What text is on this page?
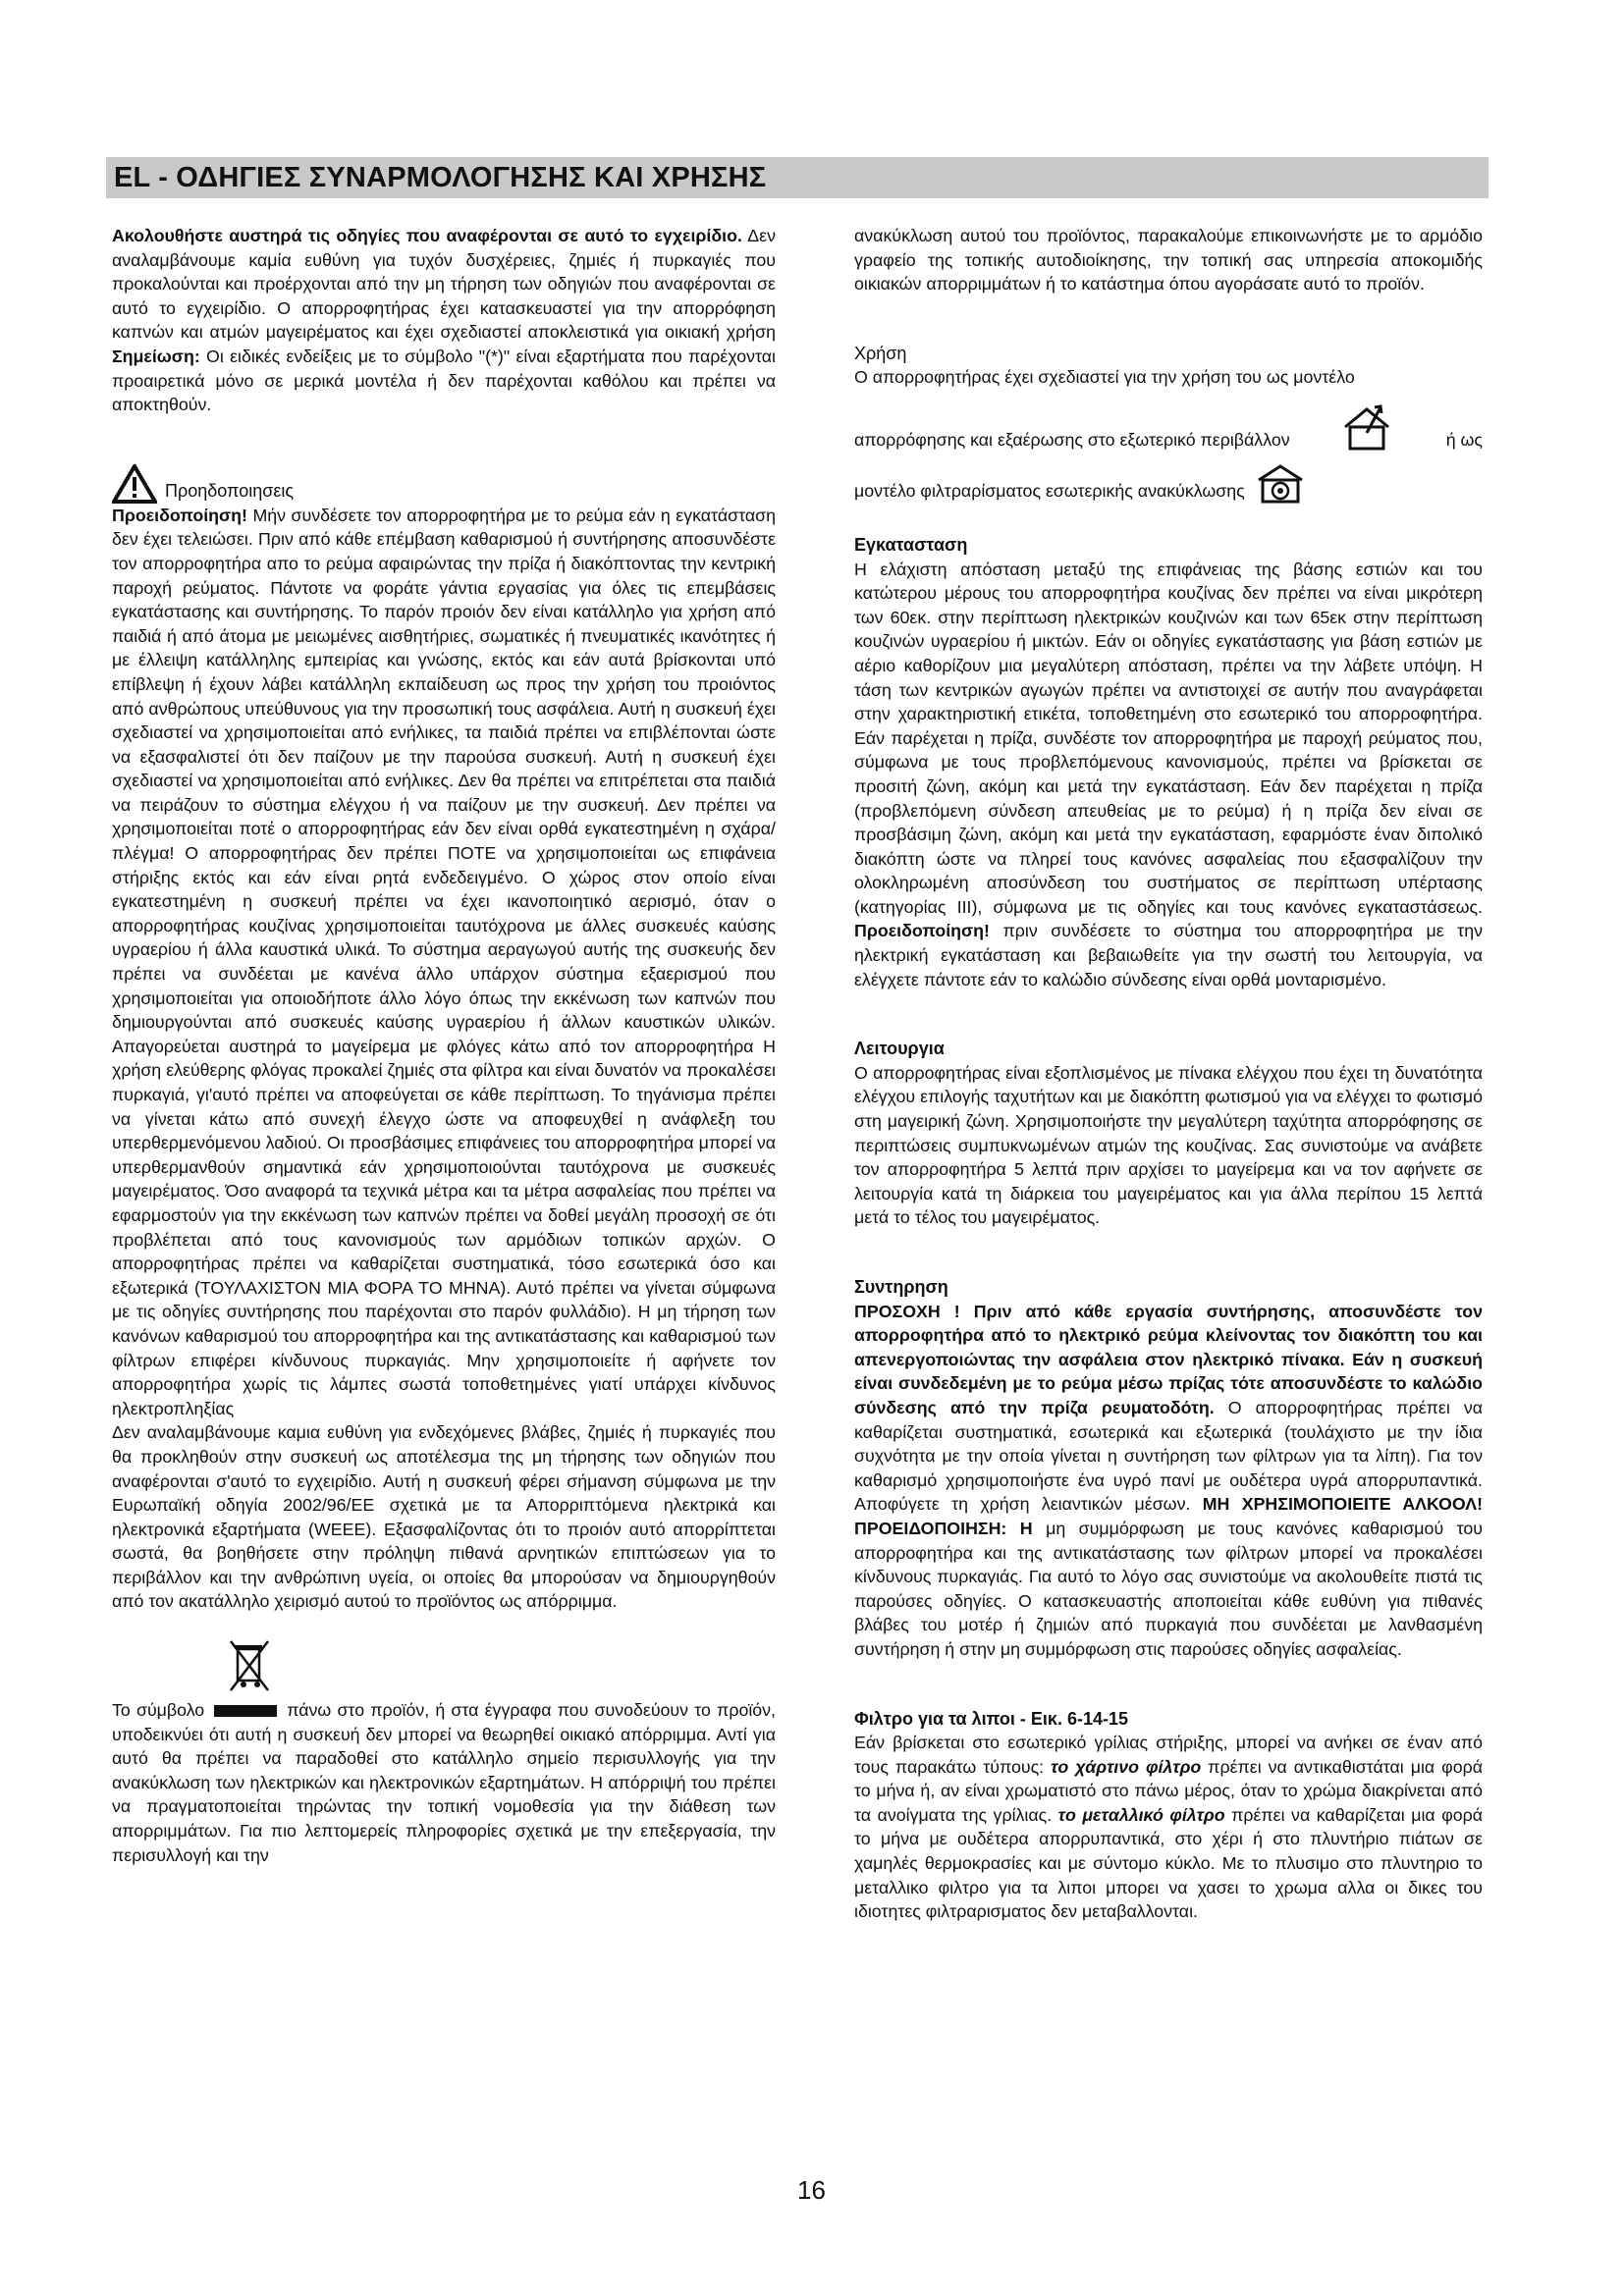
EL - ΟΔΗΓΙΕΣ ΣΥΝΑΡΜΟΛΟΓΗΣΗΣ ΚΑΙ ΧΡΗΣΗΣ

Ακολουθήστε αυστηρά τις οδηγίες που αναφέρονται σε αυτό το εγχειρίδιο. Δεν αναλαμβάνουμε καμία ευθύνη για τυχόν δυσχέρειες, ζημιές ή πυρκαγιές που προκαλούνται και προέρχονται από την μη τήρηση των οδηγιών που αναφέρονται σε αυτό το εγχειρίδιο. Ο απορροφητήρας έχει κατασκευαστεί για την απορρόφηση καπνών και ατμών μαγειρέματος και έχει σχεδιαστεί αποκλειστικά για οικιακή χρήση Σημείωση: Οι ειδικές ενδείξεις με το σύμβολο "(*)" είναι εξαρτήματα που παρέχονται προαιρετικά μόνο σε μερικά μοντέλα ή δεν παρέχονται καθόλου και πρέπει να αποκτηθούν.

Προηδοποιησεις

Προειδοποίηση! Μήν συνδέσετε τον απορροφητήρα με το ρεύμα εάν η εγκατάσταση δεν έχει τελειώσει. Πριν από κάθε επέμβαση καθαρισμού ή συντήρησης αποσυνδέστε τον απορροφητήρα απο το ρεύμα αφαιρώντας την πρίζα ή διακόπτοντας την κεντρική παροχή ρεύματος. Πάντοτε να φοράτε γάντια εργασίας για όλες τις επεμβάσεις εγκατάστασης και συντήρησης. Το παρόν προιόν δεν είναι κατάλληλο για χρήση από παιδιά ή από άτομα με μειωμένες αισθητήριες, σωματικές ή πνευματικές ικανότητες ή με έλλειψη κατάλληλης εμπειρίας και γνώσης, εκτός και εάν αυτά βρίσκονται υπό επίβλεψη ή έχουν λάβει κατάλληλη εκπαίδευση ως προς την χρήση του προιόντος από ανθρώπους υπεύθυνους για την προσωπική τους ασφάλεια. Αυτή η συσκευή έχει σχεδιαστεί να χρησιμοποιείται από ενήλικες, τα παιδιά πρέπει να επιβλέπονται ώστε να εξασφαλιστεί ότι δεν παίζουν με την παρούσα συσκευή. Αυτή η συσκευή έχει σχεδιαστεί να χρησιμοποιείται από ενήλικες. Δεν θα πρέπει να επιτρέπεται στα παιδιά να πειράζουν το σύστημα ελέγχου ή να παίζουν με την συσκευή. Δεν πρέπει να χρησιμοποιείται ποτέ ο απορροφητήρας εάν δεν είναι ορθά εγκατεστημένη η σχάρα/πλέγμα! Ο απορροφητήρας δεν πρέπει ΠΟΤΕ να χρησιμοποιείται ως επιφάνεια στήριξης εκτός και εάν είναι ρητά ενδεδειγμένο. Ο χώρος στον οποίο είναι εγκατεστημένη η συσκευή πρέπει να έχει ικανοποιητικό αερισμό, όταν ο απορροφητήρας κουζίνας χρησιμοποιείται ταυτόχρονα με άλλες συσκευές καύσης υγραερίου ή άλλα καυστικά υλικά. Το σύστημα αεραγωγού αυτής της συσκευής δεν πρέπει να συνδέεται με κανένα άλλο υπάρχον σύστημα εξαερισμού που χρησιμοποιείται για οποιοδήποτε άλλο λόγο όπως την εκκένωση των καπνών που δημιουργούνται από συσκευές καύσης υγραερίου ή άλλων καυστικών υλικών. Απαγορεύεται αυστηρά το μαγείρεμα με φλόγες κάτω από τον απορροφητήρα Η χρήση ελεύθερης φλόγας προκαλεί ζημιές στα φίλτρα και είναι δυνατόν να προκαλέσει πυρκαγιά, γι'αυτό πρέπει να αποφεύγεται σε κάθε περίπτωση. Το τηγάνισμα πρέπει να γίνεται κάτω από συνεχή έλεγχο ώστε να αποφευχθεί η ανάφλεξη του υπερθερμενόμενου λαδιού. Οι προσβάσιμες επιφάνειες του απορροφητήρα μπορεί να υπερθερμανθούν σημαντικά εάν χρησιμοποιούνται ταυτόχρονα με συσκευές μαγειρέματος. Όσο αναφορά τα τεχνικά μέτρα και τα μέτρα ασφαλείας που πρέπει να εφαρμοστούν για την εκκένωση των καπνών πρέπει να δοθεί μεγάλη προσοχή σε ότι προβλέπεται από τους κανονισμούς των αρμόδιων τοπικών αρχών. Ο απορροφητήρας πρέπει να καθαρίζεται συστηματικά, τόσο εσωτερικά όσο και εξωτερικά (ΤΟΥΛΑΧΙΣΤΟΝ ΜΙΑ ΦΟΡΑ ΤΟ ΜΗΝΑ). Αυτό πρέπει να γίνεται σύμφωνα με τις οδηγίες συντήρησης που παρέχονται στο παρόν φυλλάδιο). Η μη τήρηση των κανόνων καθαρισμού του απορροφητήρα και της αντικατάστασης και καθαρισμού των φίλτρων επιφέρει κίνδυνους πυρκαγιάς. Μην χρησιμοποιείτε ή αφήνετε τον απορροφητήρα χωρίς τις λάμπες σωστά τοποθετημένες γιατί υπάρχει κίνδυνος ηλεκτροπληξίας

Δεν αναλαμβάνουμε καμια ευθύνη για ενδεχόμενες βλάβες, ζημιές ή πυρκαγιές που θα προκληθούν στην συσκευή ως αποτέλεσμα της μη τήρησης των οδηγιών που αναφέρονται σ'αυτό το εγχειρίδιο. Αυτή η συσκευή φέρει σήμανση σύμφωνα με την Ευρωπαϊκή οδηγία 2002/96/ΕΕ σχετικά με τα Απορριπτόμενα ηλεκτρικά και ηλεκτρονικά εξαρτήματα (WEEE). Εξασφαλίζοντας ότι το προιόν αυτό απορρίπτεται σωστά, θα βοηθήσετε στην πρόληψη πιθανά αρνητικών επιπτώσεων για το περιβάλλον και την ανθρώπινη υγεία, οι οποίες θα μπορούσαν να δημιουργηθούν από τον ακατάλληλο χειρισμό αυτού το προϊόντος ως απόρριμμα.

Το σύμβολο	πάνω στο προϊόν, ή στα έγγραφα που συνοδεύουν το προϊόν, υποδεικνύει ότι αυτή η συσκευή δεν μπορεί να θεωρηθεί οικιακό απόρριμμα. Αντί για αυτό θα πρέπει να παραδοθεί στο κατάλληλο σημείο περισυλλογής για την ανακύκλωση των ηλεκτρικών και ηλεκτρονικών εξαρτημάτων. Η απόρριψή του πρέπει να πραγματοποιείται τηρώντας την τοπική νομοθεσία για την διάθεση των απορριμμάτων. Για πιο λεπτομερείς πληροφορίες σχετικά με την επεξεργασία, την περισυλλογή και την

ανακύκλωση αυτού του προϊόντος, παρακαλούμε επικοινωνήστε με το αρμόδιο γραφείο της τοπικής αυτοδιοίκησης, την τοπική σας υπηρεσία αποκομιδής οικιακών απορριμμάτων ή το κατάστημα όπου αγοράσατε αυτό το προϊόν.

Χρήση

Ο απορροφητήρας έχει σχεδιαστεί για την χρήση του ως μοντέλο

απορρόφησης και εξαέρωσης στο εξωτερικό περιβάλλον	ή ως

μοντέλο φιλτραρίσματος εσωτερικής ανακύκλωσης

Εγκατασταση

Η ελάχιστη απόσταση μεταξύ της επιφάνειας της βάσης εστιών και του κατώτερου μέρους του απορροφητήρα κουζίνας δεν πρέπει να είναι μικρότερη των 60εκ. στην περίπτωση ηλεκτρικών κουζινών και των 65εκ στην περίπτωση κουζινών υγραερίου ή μικτών. Εάν οι οδηγίες εγκατάστασης για βάση εστιών με αέριο καθορίζουν μια μεγαλύτερη απόσταση, πρέπει να την λάβετε υπόψη. Η τάση των κεντρικών αγωγών πρέπει να αντιστοιχεί σε αυτήν που αναγράφεται στην χαρακτηριστική ετικέτα, τοποθετημένη στο εσωτερικό του απορροφητήρα. Εάν παρέχεται η πρίζα, συνδέστε τον απορροφητήρα με παροχή ρεύματος που, σύμφωνα με τους προβλεπόμενους κανονισμούς, πρέπει να βρίσκεται σε προσιτή ζώνη, ακόμη και μετά την εγκατάσταση. Εάν δεν παρέχεται η πρίζα (προβλεπόμενη σύνδεση απευθείας με το ρεύμα) ή η πρίζα δεν είναι σε προσβάσιμη ζώνη, ακόμη και μετά την εγκατάσταση, εφαρμόστε έναν διπολικό διακόπτη ώστε να πληρεί τους κανόνες ασφαλείας που εξασφαλίζουν την ολοκληρωμένη αποσύνδεση του συστήματος σε περίπτωση υπέρτασης (κατηγορίας III), σύμφωνα με τις οδηγίες και τους κανόνες εγκαταστάσεως. Προειδοποίηση! πριν συνδέσετε το σύστημα του απορροφητήρα με την ηλεκτρική εγκατάσταση και βεβαιωθείτε για την σωστή του λειτουργία, να ελέγχετε πάντοτε εάν το καλώδιο σύνδεσης είναι ορθά μονταρισμένο.

Λειτουργια

Ο απορροφητήρας είναι εξοπλισμένος με πίνακα ελέγχου που έχει τη δυνατότητα ελέγχου επιλογής ταχυτήτων και με διακόπτη φωτισμού για να ελέγχει το φωτισμό στη μαγειρική ζώνη. Χρησιμοποιήστε την μεγαλύτερη ταχύτητα απορρόφησης σε περιπτώσεις συμπυκνωμένων ατμών της κουζίνας. Σας συνιστούμε να ανάβετε τον απορροφητήρα 5 λεπτά πριν αρχίσει το μαγείρεμα και να τον αφήνετε σε λειτουργία κατά τη διάρκεια του μαγειρέματος και για άλλα περίπου 15 λεπτά μετά το τέλος του μαγειρέματος.

Συντηρηση

ΠΡΟΣΟΧΗ ! Πριν από κάθε εργασία συντήρησης, αποσυνδέστε τον απορροφητήρα από το ηλεκτρικό ρεύμα κλείνοντας τον διακόπτη του και απενεργοποιώντας την ασφάλεια στον ηλεκτρικό πίνακα. Εάν η συσκευή είναι συνδεδεμένη με το ρεύμα μέσω πρίζας τότε αποσυνδέστε το καλώδιο σύνδεσης από την πρίζα ρευματοδότη. Ο απορροφητήρας πρέπει να καθαρίζεται συστηματικά, εσωτερικά και εξωτερικά (τουλάχιστο με την ίδια συχνότητα με την οποία γίνεται η συντήρηση των φίλτρων για τα λίπη). Για τον καθαρισμό χρησιμοποιήστε ένα υγρό πανί με ουδέτερα υγρά απορρυπαντικά. Αποφύγετε τη χρήση λειαντικών μέσων. ΜΗ ΧΡΗΣΙΜΟΠΟΙΕΙΤΕ ΑΛΚΟΟΛ! ΠΡΟΕΙΔΟΠΟΙΗΣΗ: Η μη συμμόρφωση με τους κανόνες καθαρισμού του απορροφητήρα και της αντικατάστασης των φίλτρων μπορεί να προκαλέσει κίνδυνους πυρκαγιάς. Για αυτό το λόγο σας συνιστούμε να ακολουθείτε πιστά τις παρούσες οδηγίες. Ο κατασκευαστής αποποιείται κάθε ευθύνη για πιθανές βλάβες του μοτέρ ή ζημιών από πυρκαγιά που συνδέεται με λανθασμένη συντήρηση ή στην μη συμμόρφωση στις παρούσες οδηγίες ασφαλείας.

Φιλτρο για τα λιποι - Εικ. 6-14-15

Εάν βρίσκεται στο εσωτερικό γρίλιας στήριξης, μπορεί να ανήκει σε έναν από τους παρακάτω τύπους: το χάρτινο φίλτρο πρέπει να αντικαθιστάται μια φορά το μήνα ή, αν είναι χρωματιστό στο πάνω μέρος, όταν το χρώμα διακρίνεται από τα ανοίγματα της γρίλιας. το μεταλλικό φίλτρο πρέπει να καθαρίζεται μια φορά το μήνα με ουδέτερα απορρυπαντικά, στο χέρι ή στο πλυντήριο πιάτων σε χαμηλές θερμοκρασίες και με σύντομο κύκλο. Με το πλυσιμο στο πλυντηριο το μεταλλικο φιλτρο για τα λιποι μπορει να χασει το χρωμα αλλα οι δικες του ιδιοτητες φιλτραρισματος δεν μεταβαλλονται.

16
